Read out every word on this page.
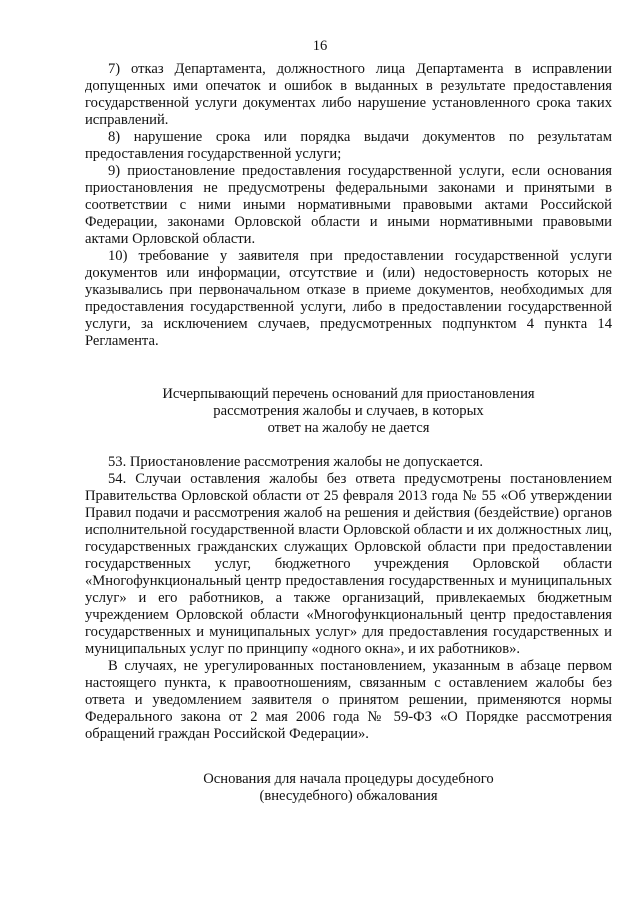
16

7) отказ Департамента, должностного лица Департамента в исправлении допущенных ими опечаток и ошибок в выданных в результате предоставления государственной услуги документах либо нарушение установленного срока таких исправлений.

8) нарушение срока или порядка выдачи документов по результатам предоставления государственной услуги;

9) приостановление предоставления государственной услуги, если основания приостановления не предусмотрены федеральными законами и принятыми в соответствии с ними иными нормативными правовыми актами Российской Федерации, законами Орловской области и иными нормативными правовыми актами Орловской области.

10) требование у заявителя при предоставлении государственной услуги документов или информации, отсутствие и (или) недостоверность которых не указывались при первоначальном отказе в приеме документов, необходимых для предоставления государственной услуги, либо в предоставлении государственной услуги, за исключением случаев, предусмотренных подпунктом 4 пункта 14 Регламента.

Исчерпывающий перечень оснований для приостановления
рассмотрения жалобы и случаев, в которых
ответ на жалобу не дается

53. Приостановление рассмотрения жалобы не допускается.

54. Случаи оставления жалобы без ответа предусмотрены постановлением Правительства Орловской области от 25 февраля 2013 года № 55 «Об утверждении Правил подачи и рассмотрения жалоб на решения и действия (бездействие) органов исполнительной государственной власти Орловской области и их должностных лиц, государственных гражданских служащих Орловской области при предоставлении государственных услуг, бюджетного учреждения Орловской области «Многофункциональный центр предоставления государственных и муниципальных услуг» и его работников, а также организаций, привлекаемых бюджетным учреждением Орловской области «Многофункциональный центр предоставления государственных и муниципальных услуг» для предоставления государственных и муниципальных услуг по принципу «одного окна», и их работников».

В случаях, не урегулированных постановлением, указанным в абзаце первом настоящего пункта, к правоотношениям, связанным с оставлением жалобы без ответа и уведомлением заявителя о принятом решении, применяются нормы Федерального закона от 2 мая 2006 года № 59-ФЗ «О Порядке рассмотрения обращений граждан Российской Федерации».

Основания для начала процедуры досудебного
(внесудебного) обжалования
